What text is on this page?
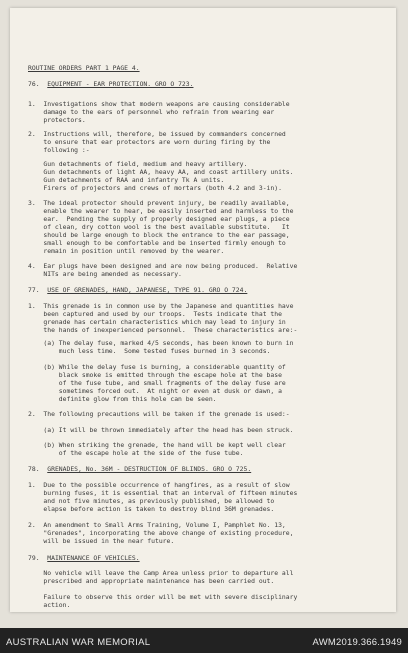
ROUTINE ORDERS PART 1 PAGE 4.

76.  EQUIPMENT - EAR PROTECTION. GRO O 723.
1.  Investigations show that modern weapons are causing considerable
damage to the ears of personnel who refrain from wearing ear
protectors.
2.  Instructions will, therefore, be issued by commanders concerned
to ensure that ear protectors are worn during firing by the
following :-
Gun detachments of field, medium and heavy artillery.
Gun detachments of light AA, heavy AA, and coast artillery units.
Gun detachments of RAA and infantry Tk A units.
Firers of projectors and crews of mortars (both 4.2 and 3-in).
3.  The ideal protector should prevent injury, be readily available,
enable the wearer to hear, be easily inserted and harmless to the
ear.  Pending the supply of properly designed ear plugs, a piece
of clean, dry cotton wool is the best available substitute.   It
should be large enough to block the entrance to the ear passage,
small enough to be comfortable and be inserted firmly enough to
remain in position until removed by the wearer.
4.  Ear plugs have been designed and are now being produced.  Relative
NITs are being amended as necessary.
77.  USE OF GRENADES, HAND, JAPANESE, TYPE 91. GRO O 724.
1.  This grenade is in common use by the Japanese and quantities have
been captured and used by our troops.  Tests indicate that the
grenade has certain characteristics which may lead to injury in
the hands of inexperienced personnel.  These characteristics are:-
(a) The delay fuse, marked 4/5 seconds, has been known to burn in
much less time.  Some tested fuses burned in 3 seconds.
(b) While the delay fuse is burning, a considerable quantity of
black smoke is emitted through the escape hole at the base
of the fuse tube, and small fragments of the delay fuse are
sometimes forced out.  At night or even at dusk or dawn, a
definite glow from this hole can be seen.
2.  The following precautions will be taken if the grenade is used:-
(a) It will be thrown immediately after the head has been struck.
(b) When striking the grenade, the hand will be kept well clear
of the escape hole at the side of the fuse tube.
78.  GRENADES, No. 36M - DESTRUCTION OF BLINDS. GRO O 725.
1.  Due to the possible occurrence of hangfires, as a result of slow
burning fuses, it is essential that an interval of fifteen minutes
and not five minutes, as previously published, be allowed to
elapse before action is taken to destroy blind 36M grenades.
2.  An amendment to Small Arms Training, Volume I, Pamphlet No. 13,
"Grenades", incorporating the above change of existing procedure,
will be issued in the near future.
79.  MAINTENANCE OF VEHICLES.
No vehicle will leave the Camp Area unless prior to departure all
prescribed and appropriate maintenance has been carried out.
Failure to observe this order will be met with severe disciplinary
action.

AUSTRALIAN WAR MEMORIAL	AWM2019.366.1949
